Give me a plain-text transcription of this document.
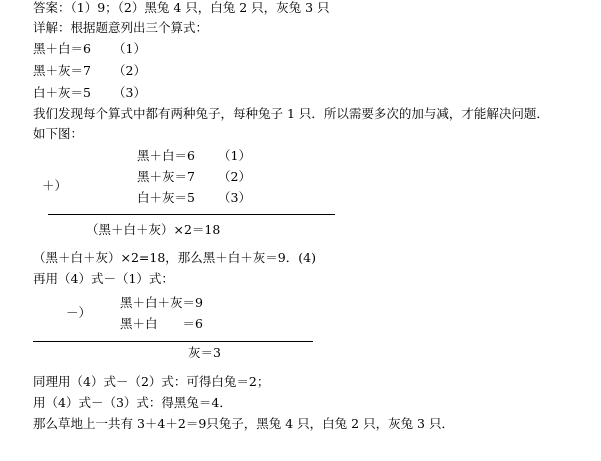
答案：（1）9；（2）黑兔 4 只，白兔 2 只，灰兔 3 只
详解：根据题意列出三个算式：
黑＋白＝6 （1）
黑＋灰＝7 （2）
白＋灰＝5 （3）
我们发现每个算式中都有两种兔子，每种兔子 1 只．所以需要多次的加与减，才能解决问题．
如下图：
＋）
黑＋白＝6 （1）
黑＋灰＝7 （2）
白＋灰＝5 （3）
（黑＋白＋灰）×2＝18
（黑＋白＋灰）×2=18，那么黑＋白＋灰＝9．(4)
再用（4）式－（1）式：
－）
黑＋白＋灰＝9
黑＋白　　＝6
灰＝3
同理用（4）式－（2）式：可得白兔＝2；
用（4）式－（3）式：得黑兔＝4．
那么草地上一共有 3＋4＋2＝9只兔子，黑兔 4 只，白兔 2 只，灰兔 3 只．
